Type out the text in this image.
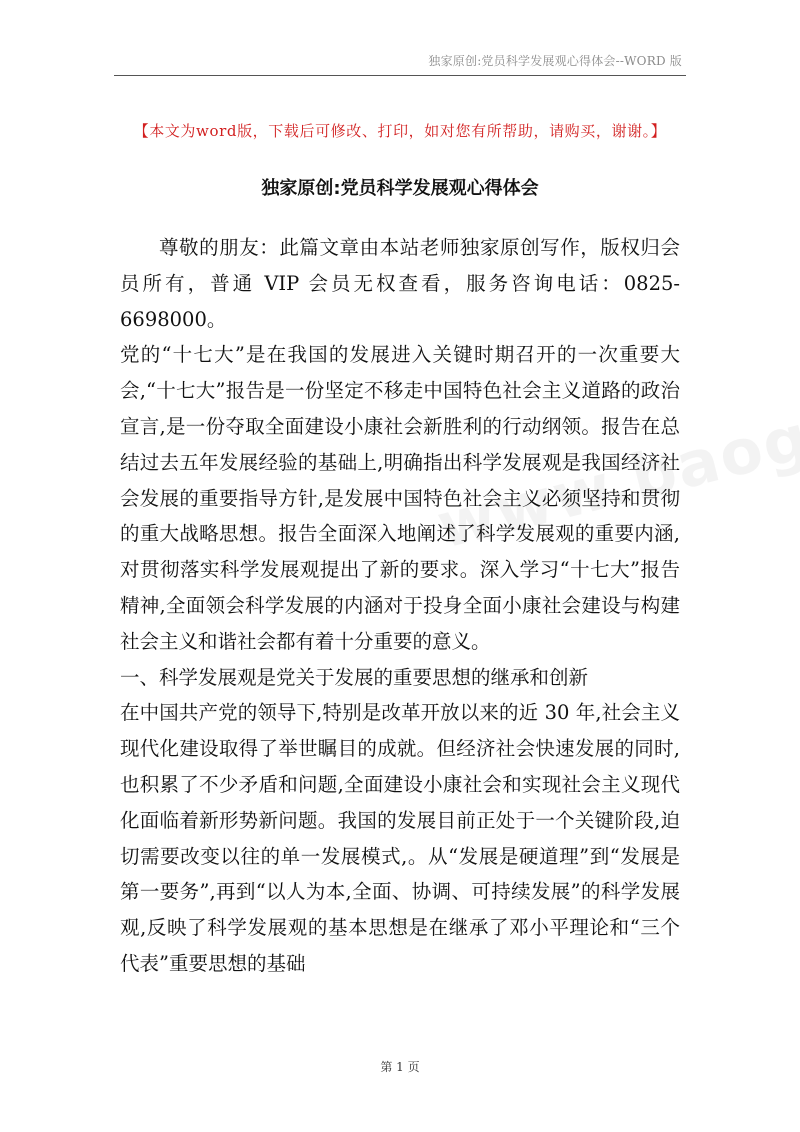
独家原创:党员科学发展观心得体会--WORD 版
【本文为word版，下载后可修改、打印，如对您有所帮助，请购买，谢谢。】
独家原创:党员科学发展观心得体会

尊敬的朋友：此篇文章由本站老师独家原创写作，版权归会员所有，普通 VIP 会员无权查看，服务咨询电话：0825-6698000。

党的“十七大”是在我国的发展进入关键时期召开的一次重要大会,“十七大”报告是一份坚定不移走中国特色社会主义道路的政治宣言,是一份夺取全面建设小康社会新胜利的行动纲领。报告在总结过去五年发展经验的基础上,明确指出科学发展观是我国经济社会发展的重要指导方针,是发展中国特色社会主义必须坚持和贯彻的重大战略思想。报告全面深入地阐述了科学发展观的重要内涵,对贯彻落实科学发展观提出了新的要求。深入学习“十七大”报告精神,全面领会科学发展的内涵对于投身全面小康社会建设与构建社会主义和谐社会都有着十分重要的意义。

一、科学发展观是党关于发展的重要思想的继承和创新

在中国共产党的领导下,特别是改革开放以来的近 30 年,社会主义现代化建设取得了举世瞩目的成就。但经济社会快速发展的同时,也积累了不少矛盾和问题,全面建设小康社会和实现社会主义现代化面临着新形势新问题。我国的发展目前正处于一个关键阶段,迫切需要改变以往的单一发展模式,。从“发展是硬道理”到“发展是第一要务”,再到“以人为本,全面、协调、可持续发展”的科学发展观,反映了科学发展观的基本思想是在继承了邓小平理论和“三个代表”重要思想的基础

第 1 页
